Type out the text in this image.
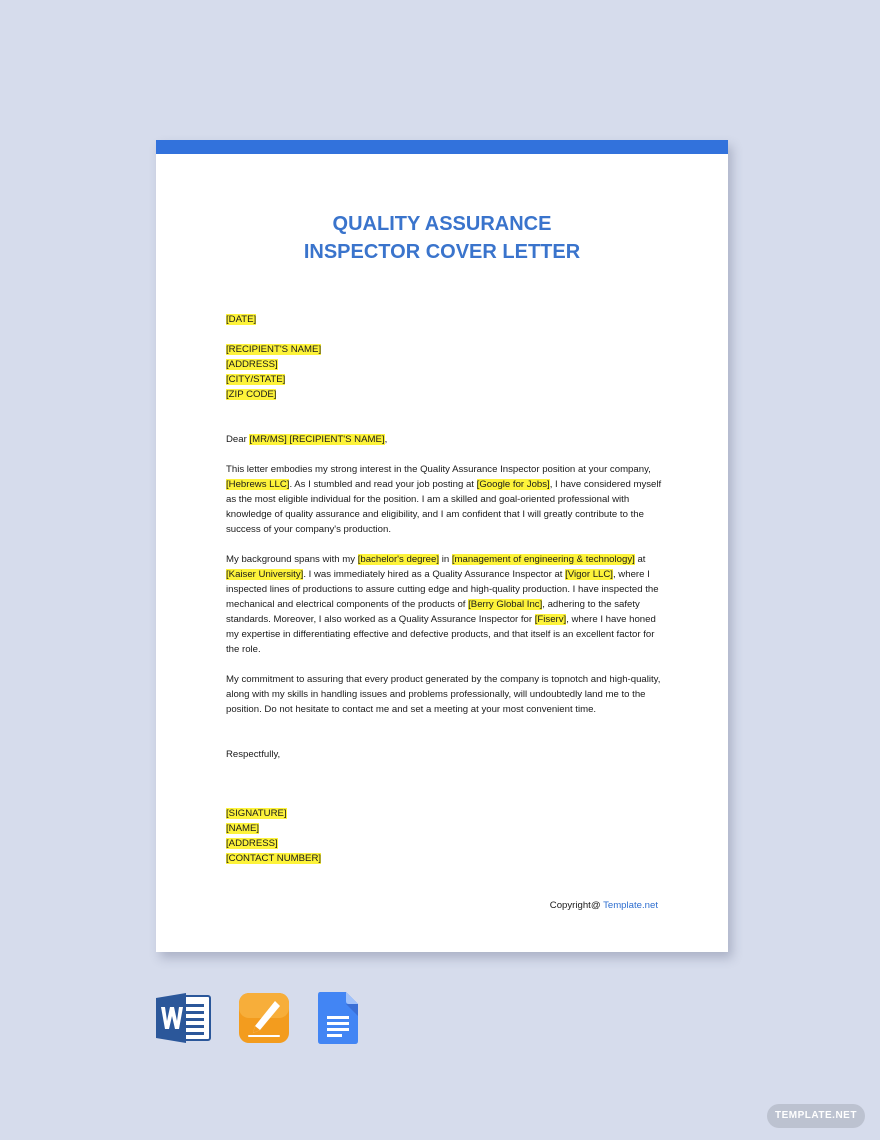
QUALITY ASSURANCE
INSPECTOR COVER LETTER

[DATE]

[RECIPIENT'S NAME]

[ADDRESS]

[CITY/STATE]

[ZIP CODE]

Dear [MR/MS] [RECIPIENT'S NAME],

This letter embodies my strong interest in the Quality Assurance Inspector position at your company, [Hebrews LLC]. As I stumbled and read your job posting at [Google for Jobs], I have considered myself as the most eligible individual for the position. I am a skilled and goal-oriented professional with knowledge of quality assurance and eligibility, and I am confident that I will greatly contribute to the success of your company's production.

My background spans with my [bachelor's degree] in [management of engineering & technology] at [Kaiser University]. I was immediately hired as a Quality Assurance Inspector at [Vigor LLC], where I inspected lines of productions to assure cutting edge and high-quality production. I have inspected the mechanical and electrical components of the products of [Berry Global Inc], adhering to the safety standards. Moreover, I also worked as a Quality Assurance Inspector for [Fiserv], where I have honed my expertise in differentiating effective and defective products, and that itself is an excellent factor for the role.

My commitment to assuring that every product generated by the company is topnotch and high-quality, along with my skills in handling issues and problems professionally, will undoubtedly land me to the position. Do not hesitate to contact me and set a meeting at your most convenient time.

Respectfully,

[SIGNATURE]

[NAME]

[ADDRESS]

[CONTACT NUMBER]

Copyright@ Template.net
TEMPLATE.NET
